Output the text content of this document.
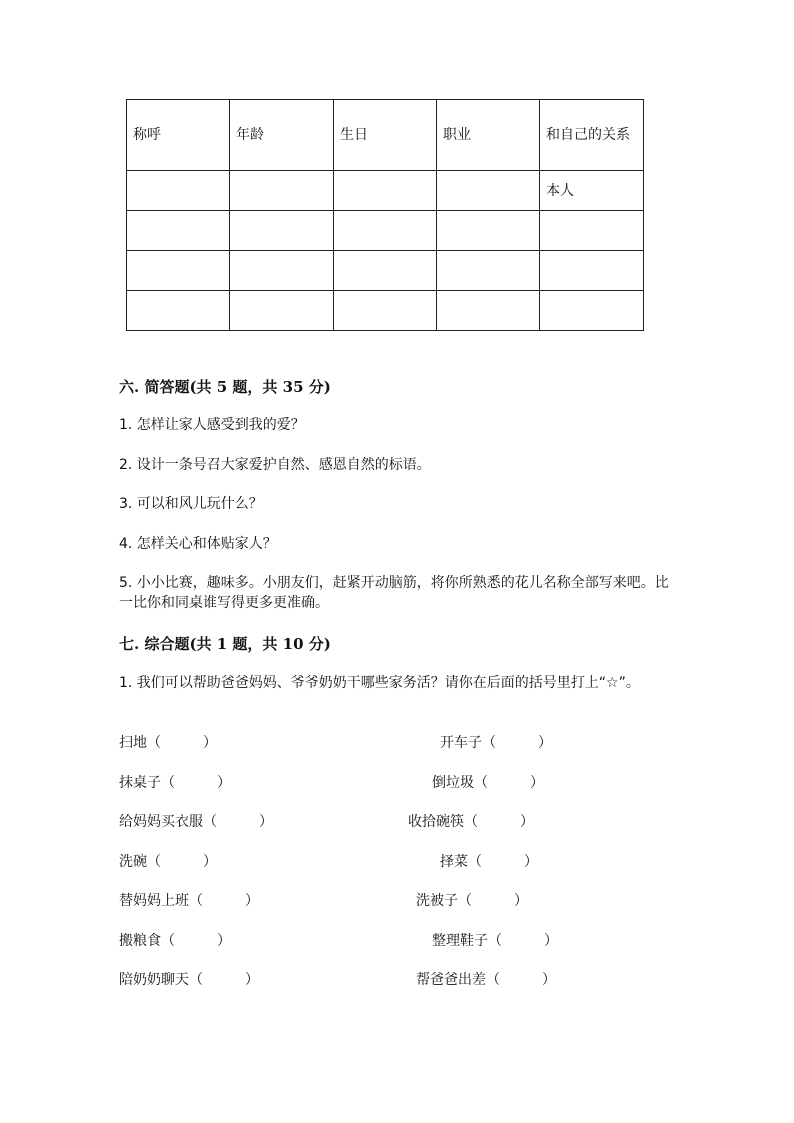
称呼	年龄	生日	职业	和自己的关系
				本人

六. 简答题(共 5 题，共 35 分)
1. 怎样让家人感受到我的爱？
2. 设计一条号召大家爱护自然、感恩自然的标语。
3. 可以和风儿玩什么？
4. 怎样关心和体贴家人？
5. 小小比赛，趣味多。小朋友们，赶紧开动脑筋，将你所熟悉的花儿名称全部写来吧。比一比你和同桌谁写得更多更准确。
七. 综合题(共 1 题，共 10 分)
1. 我们可以帮助爸爸妈妈、爷爷奶奶干哪些家务活？请你在后面的括号里打上“☆”。
扫地（　　　）
抹桌子（　　　）
给妈妈买衣服（　　　）
洗碗（　　　）
替妈妈上班（　　　）
搬粮食（　　　）
陪奶奶聊天（　　　）
开车子（　　　）
倒垃圾（　　　）
收拾碗筷（　　　）
择菜（　　　）
洗被子（　　　）
整理鞋子（　　　）
帮爸爸出差（　　　）
